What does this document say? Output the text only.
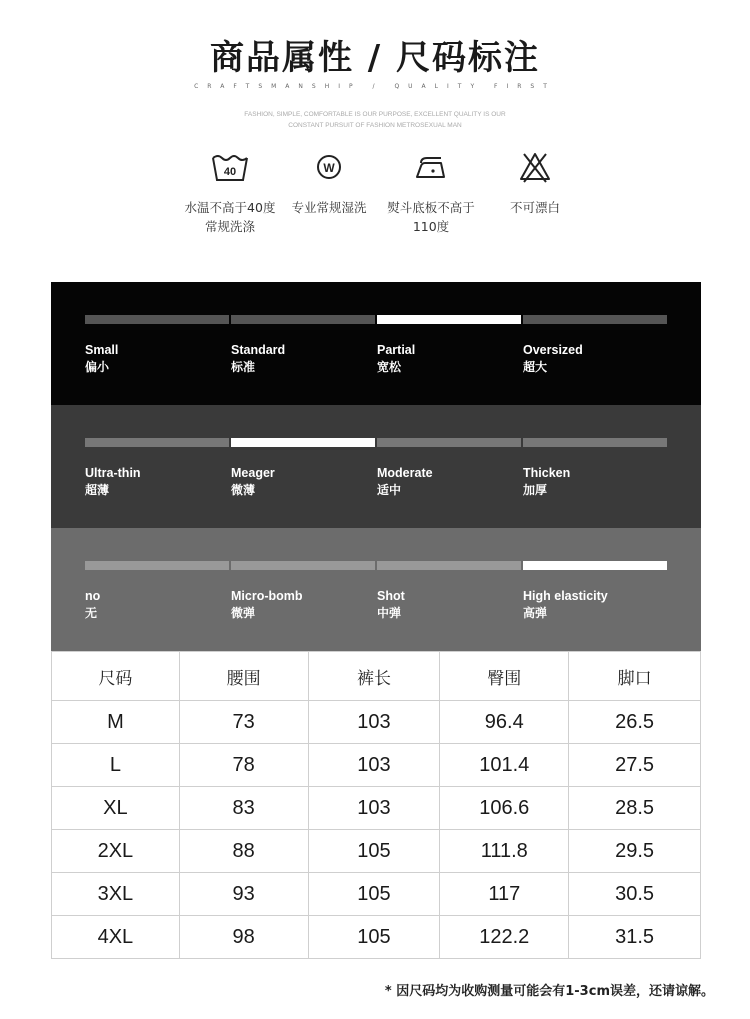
商品属性 / 尺码标注
CRAFTSMANSHIP / QUALITY FIRST
FASHION, SIMPLE, COMFORTABLE IS OUR PURPOSE, EXCELLENT QUALITY IS OUR
CONSTANT PURSUIT OF FASHION METROSEXUAL MAN
40
水温不高于40度
常规洗涤
W
专业常规湿洗	熨斗底板不高于
110度
不可漂白
Small
偏小
Standard
标准
Partial
宽松
Oversized
超大
Ultra-thin
超薄
Meager
微薄
Moderate
适中
Thicken
加厚
no
无
Micro-bomb
微弹
Shot
中弹
High elasticity
高弹
尺码	腰围	裤长	臀围	脚口
M	73	103	96.4	26.5
L	78	103	101.4	27.5
XL	83	103	106.6	28.5
2XL	88	105	111.8	29.5
3XL	93	105	117	30.5
4XL	98	105	122.2	31.5
* 因尺码均为收购测量可能会有1-3cm误差，还请谅解。
